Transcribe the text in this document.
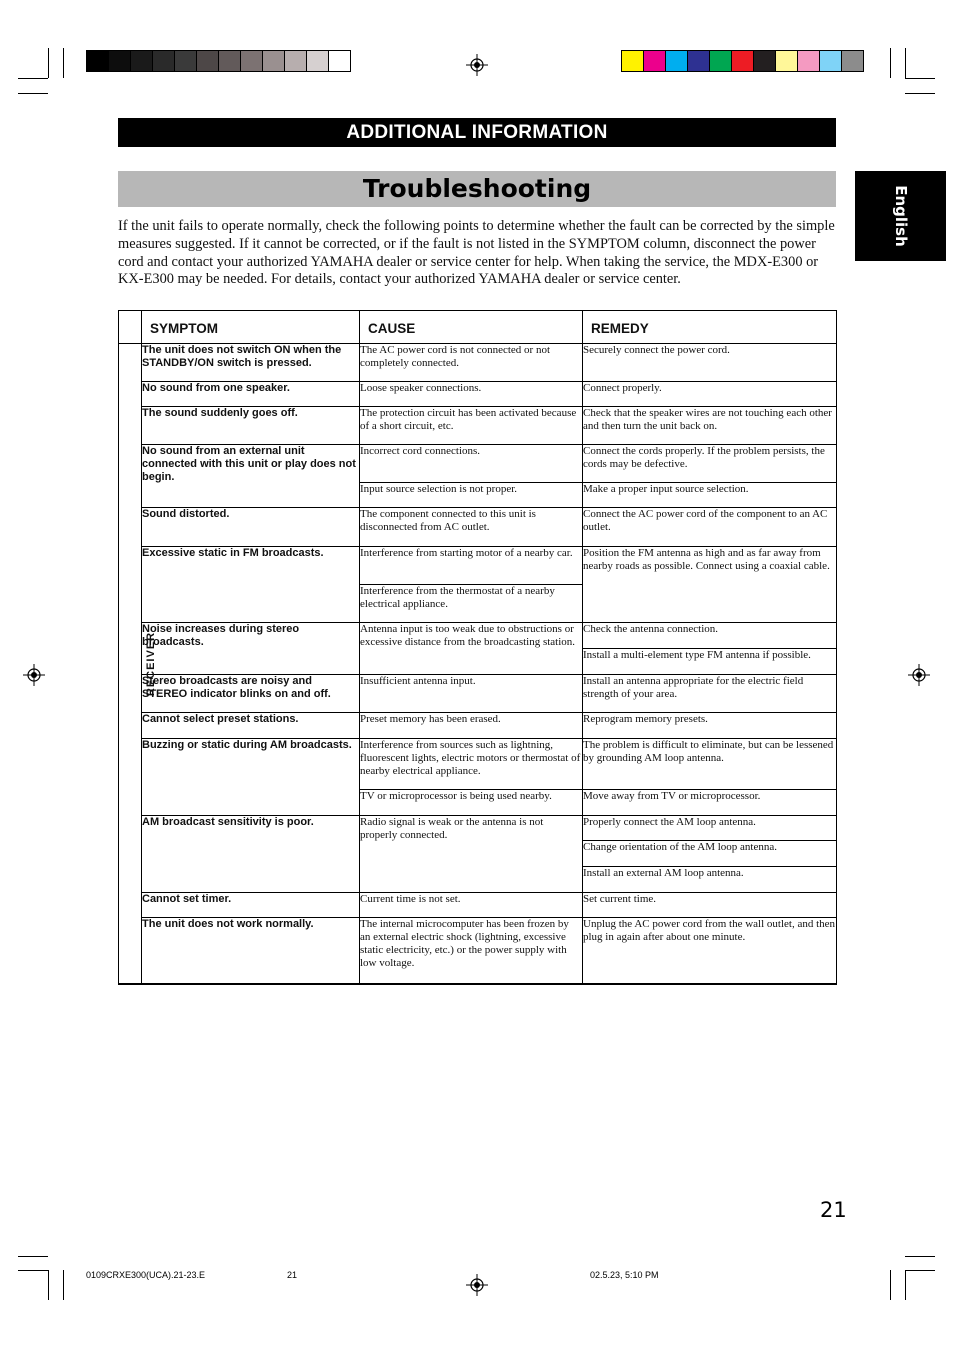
ADDITIONAL INFORMATION
Troubleshooting	English

If the unit fails to operate normally, check the following points to determine whether the fault can be corrected by the simple measures suggested. If it cannot be corrected, or if the fault is not listed in the SYMPTOM column, disconnect the power cord and contact your authorized YAMAHA dealer or service center for help. When taking the service, the MDX-E300 or KX-E300 may be needed. For details, contact your authorized YAMAHA dealer or service center.

	SYMPTOM	CAUSE	REMEDY
RECEIVER	The unit does not switch ON when the STANDBY/ON switch is pressed.	The AC power cord is not connected or not completely connected.	Securely connect the power cord.
	No sound from one speaker.	Loose speaker connections.	Connect properly.
	The sound suddenly goes off.	The protection circuit has been activated because of a short circuit, etc.	Check that the speaker wires are not touching each other and then turn the unit back on.
	No sound from an external unit connected with this unit or play does not begin.	Incorrect cord connections.	Connect the cords properly. If the problem persists, the cords may be defective.
		Input source selection is not proper.	Make a proper input source selection.
	Sound distorted.	The component connected to this unit is disconnected from AC outlet.	Connect the AC power cord of the component to an AC outlet.
	Excessive static in FM broadcasts.	Interference from starting motor of a nearby car.	Position the FM antenna as high and as far away from nearby roads as possible. Connect using a coaxial cable.
		Interference from the thermostat of a nearby electrical appliance.	
	Noise increases during stereo broadcasts.	Antenna input is too weak due to obstructions or excessive distance from the broadcasting station.	Check the antenna connection.
			Install a multi-element type FM antenna if possible.
	Stereo broadcasts are noisy and STEREO indicator blinks on and off.	Insufficient antenna input.	Install an antenna appropriate for the electric field strength of your area.
	Cannot select preset stations.	Preset memory has been erased.	Reprogram memory presets.
	Buzzing or static during AM broadcasts.	Interference from sources such as lightning, fluorescent lights, electric motors or thermostat of nearby electrical appliance.	The problem is difficult to eliminate, but can be lessened by grounding AM loop antenna.
		TV or microprocessor is being used nearby.	Move away from TV or microprocessor.
	AM broadcast sensitivity is poor.	Radio signal is weak or the antenna is not properly connected.	Properly connect the AM loop antenna.
			Change orientation of the AM loop antenna.
			Install an external AM loop antenna.
	Cannot set timer.	Current time is not set.	Set current time.
	The unit does not work normally.	The internal microcomputer has been frozen by an external electric shock (lightning, excessive static electricity, etc.) or the power supply with low voltage.	Unplug the AC power cord from the wall outlet, and then plug in again after about one minute.
21
0109CRXE300(UCA).21-23.E	21	02.5.23, 5:10 PM
